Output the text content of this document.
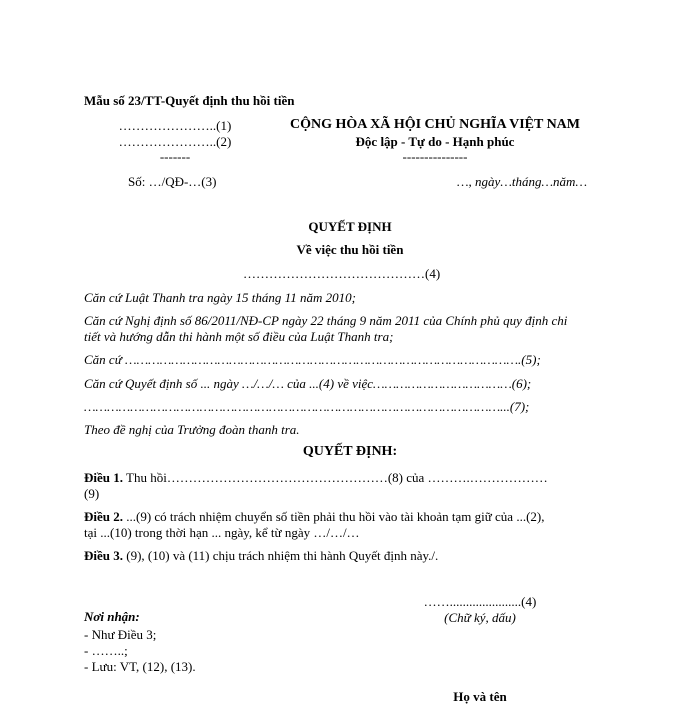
Mẫu số 23/TT-Quyết định thu hồi tiền
…………………..(1)
…………………..(2)
-------
CỘNG HÒA XÃ HỘI CHỦ NGHĨA VIỆT NAM
Độc lập - Tự do - Hạnh phúc
---------------
Số: …/QĐ-…(3)	…, ngày…tháng…năm…
QUYẾT ĐỊNH
Về việc thu hồi tiền
……………………………………(4)
Căn cứ Luật Thanh tra ngày 15 tháng 11 năm 2010;
Căn cứ Nghị định số 86/2011/NĐ-CP ngày 22 tháng 9 năm 2011 của Chính phủ quy định chi
tiết và hướng dẫn thi hành một số điều của Luật Thanh tra;
Căn cứ ………………………………………………………………………………………….(5);
Căn cứ Quyết định số ... ngày …/…/… của ...(4) về việc………………………………(6);
………………………………………………………………………………………………...(7);
Theo đề nghị của Trưởng đoàn thanh tra.
QUYẾT ĐỊNH:
Điều 1. Thu hồi……………………………………………(8) của ……….………………
(9)
Điều 2. ...(9) có trách nhiệm chuyển số tiền phải thu hồi vào tài khoản tạm giữ của ...(2),
tại ...(10) trong thời hạn ... ngày, kể từ ngày …/…/…
Điều 3. (9), (10) và (11) chịu trách nhiệm thi hành Quyết định này./.
Nơi nhận:
- Như Điều 3;
- ……..;
- Lưu: VT, (12), (13).
……......................(4)
(Chữ ký, dấu)
Họ và tên
